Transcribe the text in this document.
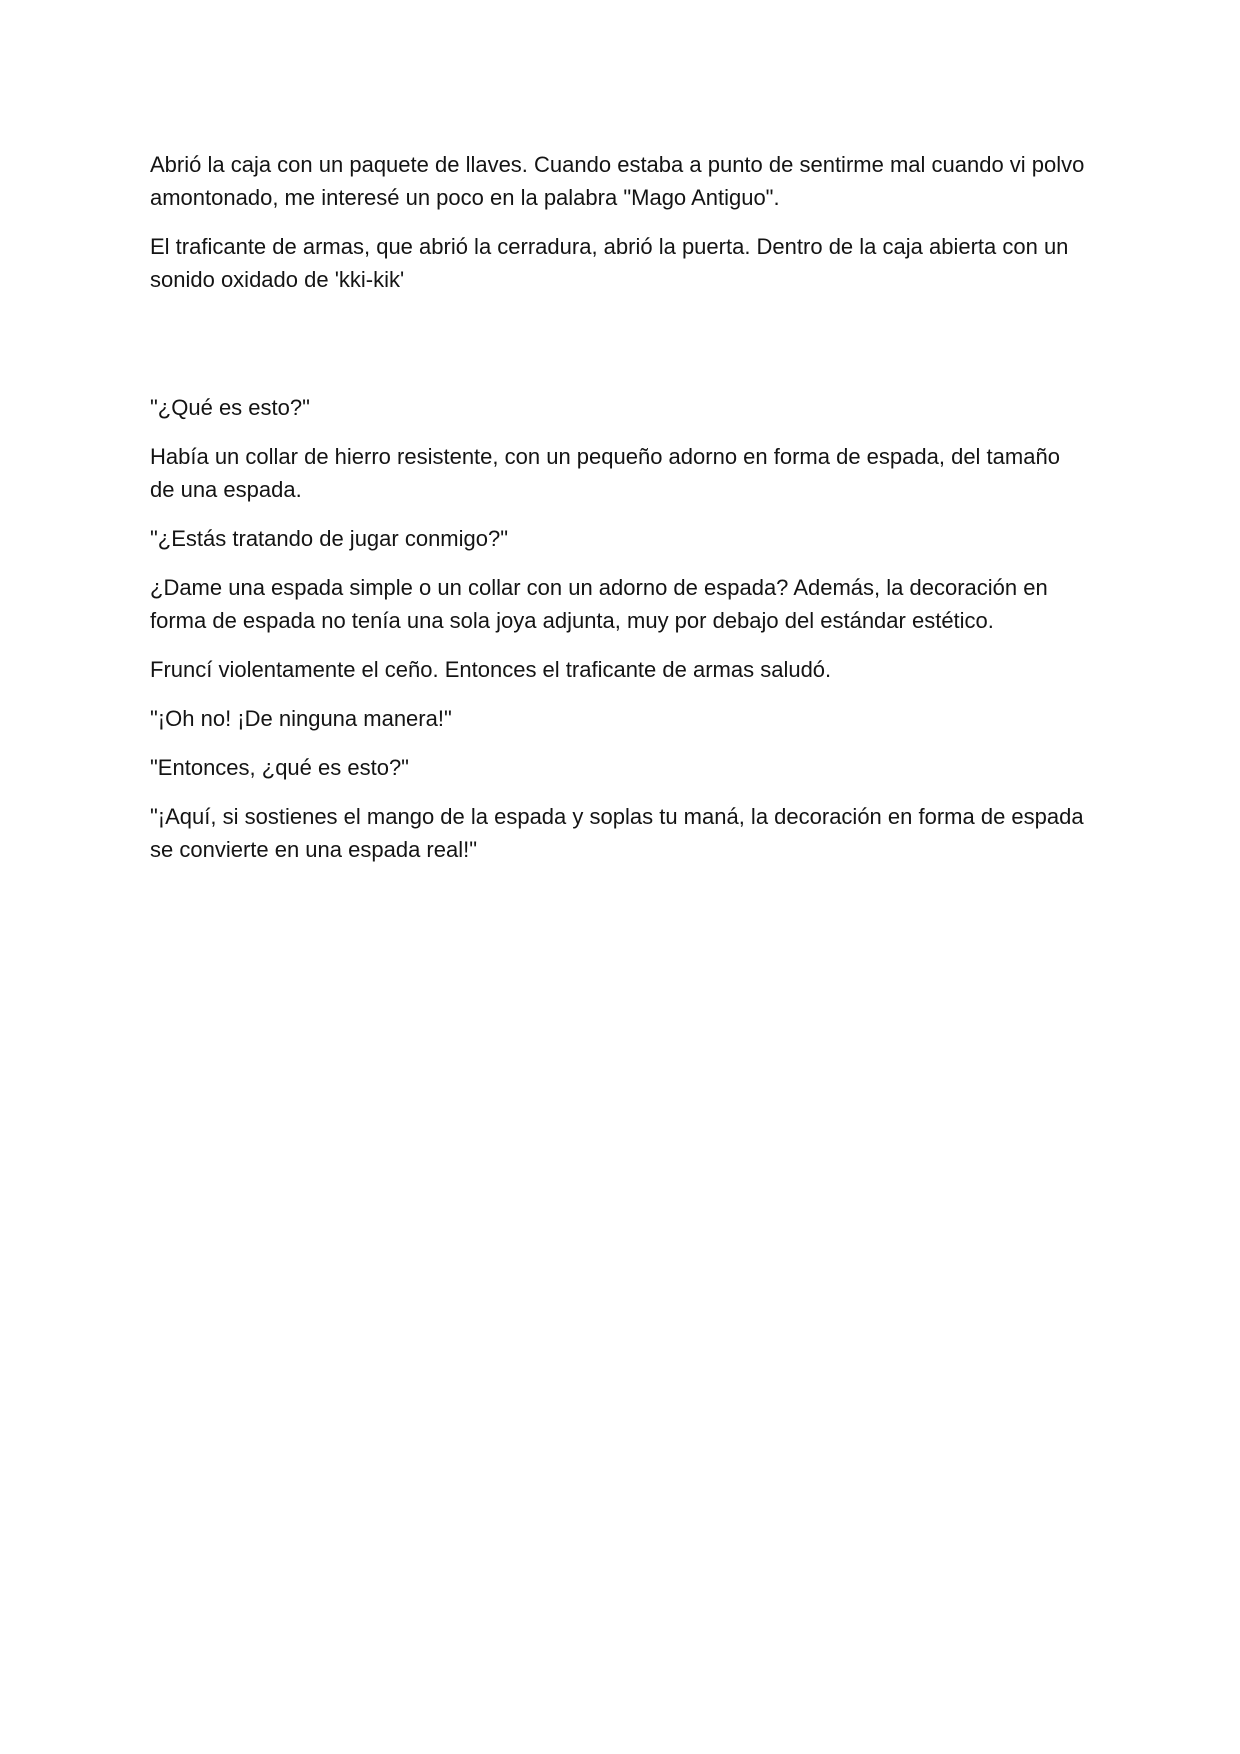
Abrió la caja con un paquete de llaves. Cuando estaba a punto de sentirme mal cuando vi polvo amontonado, me interesé un poco en la palabra "Mago Antiguo".

El traficante de armas, que abrió la cerradura, abrió la puerta. Dentro de la caja abierta con un sonido oxidado de 'kki-kik'

"¿Qué es esto?"

Había un collar de hierro resistente, con un pequeño adorno en forma de espada, del tamaño de una espada.

"¿Estás tratando de jugar conmigo?"

¿Dame una espada simple o un collar con un adorno de espada? Además, la decoración en forma de espada no tenía una sola joya adjunta, muy por debajo del estándar estético.

Fruncí violentamente el ceño. Entonces el traficante de armas saludó.

"¡Oh no! ¡De ninguna manera!"

"Entonces, ¿qué es esto?"

"¡Aquí, si sostienes el mango de la espada y soplas tu maná, la decoración en forma de espada se convierte en una espada real!"
